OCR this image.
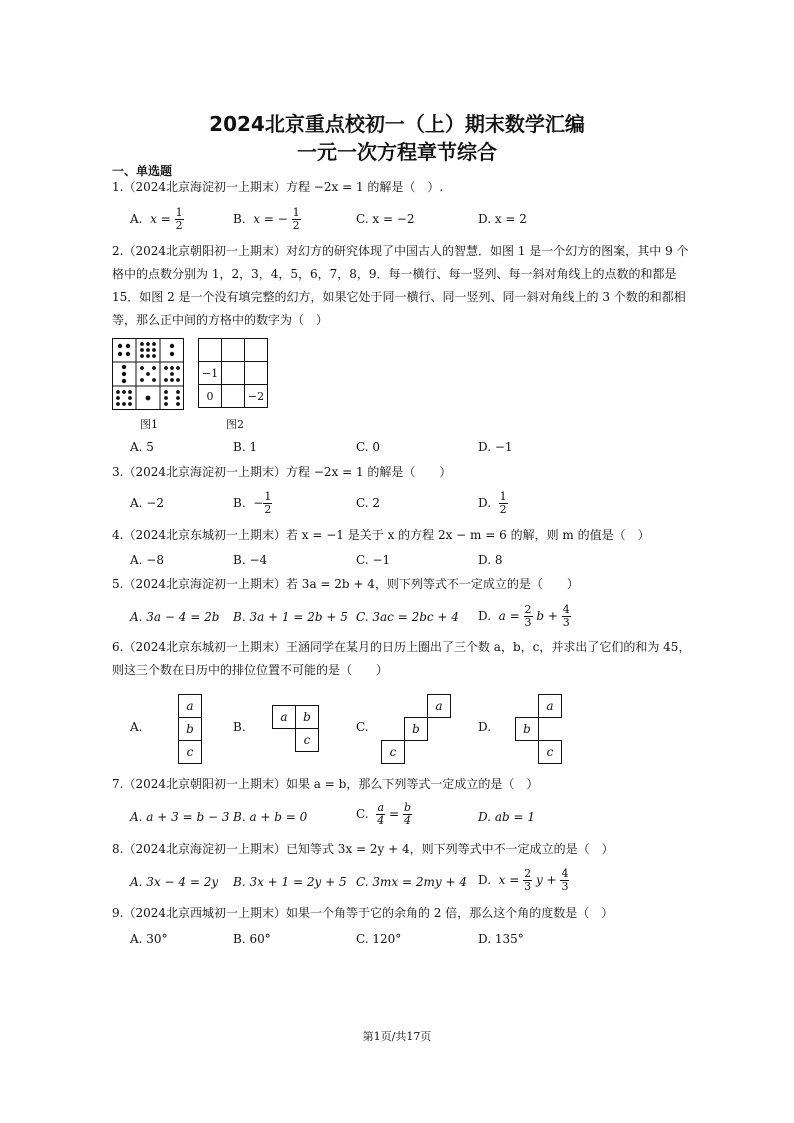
2024北京重点校初一（上）期末数学汇编
一元一次方程章节综合
一、单选题
1.（2024北京海淀初一上期末）方程 −2x = 1 的解是（　）.
A. $x = \frac{1}{2}$	B. x = − $\frac{1}{2}$	C. x = −2	D. x = 2
2.（2024北京朝阳初一上期末）对幻方的研究体现了中国古人的智慧．如图 1 是一个幻方的图案，其中 9 个格中的点数分别为 1，2，3，4，5，6，7，8，9．每一横行、每一竖列、每一斜对角线上的点数的和都是 15．如图 2 是一个没有填完整的幻方，如果它处于同一横行、同一竖列、同一斜对角线上的 3 个数的和都相等，那么正中间的方格中的数字为（　）
图1

−1		
0		−2
图2
A. 5	B. 1	C. 0	D. −1
3.（2024北京海淀初一上期末）方程 −2x = 1 的解是（　　）
A. −2	B. − $\frac{1}{2}$	C. 2	D. $\frac{1}{2}$
4.（2024北京东城初一上期末）若 x = −1 是关于 x 的方程 2x − m = 6 的解，则 m 的值是（　）
A. −8	B. −4	C. −1	D. 8
5.（2024北京海淀初一上期末）若 3a = 2b + 4，则下列等式不一定成立的是（　　）
A. 3a − 4 = 2b B. 3a + 1 = 2b + 5 C. 3ac = 2bc + 4 D. $a = \frac{2}{3}$ $b + \frac{4}{3}$
6.（2024北京东城初一上期末）王涵同学在某月的日历上圈出了三个数 a，b，c，并求出了它们的和为 45，则这三个数在日历中的排位位置不可能的是（　　）
A.	B.	C.	D.
a
b
c
a	b
c
a
b
c
a
b
c
7.（2024北京朝阳初一上期末）如果 a = b，那么下列等式一定成立的是（　）
A. a + 3 = b − 3 B. a + b = 0	C. $\frac{a}{4} = \frac{b}{4}$	D. ab = 1
8.（2024北京海淀初一上期末）已知等式 3x = 2y + 4，则下列等式中不一定成立的是（　）
A. 3x − 4 = 2y B. 3x + 1 = 2y + 5 C. 3mx = 2my + 4 D. $x = \frac{2}{3}$ $y + \frac{4}{3}$
9.（2024北京西城初一上期末）如果一个角等于它的余角的 2 倍，那么这个角的度数是（　）
A. 30°	B. 60°	C. 120°	D. 135°
第1页/共17页
